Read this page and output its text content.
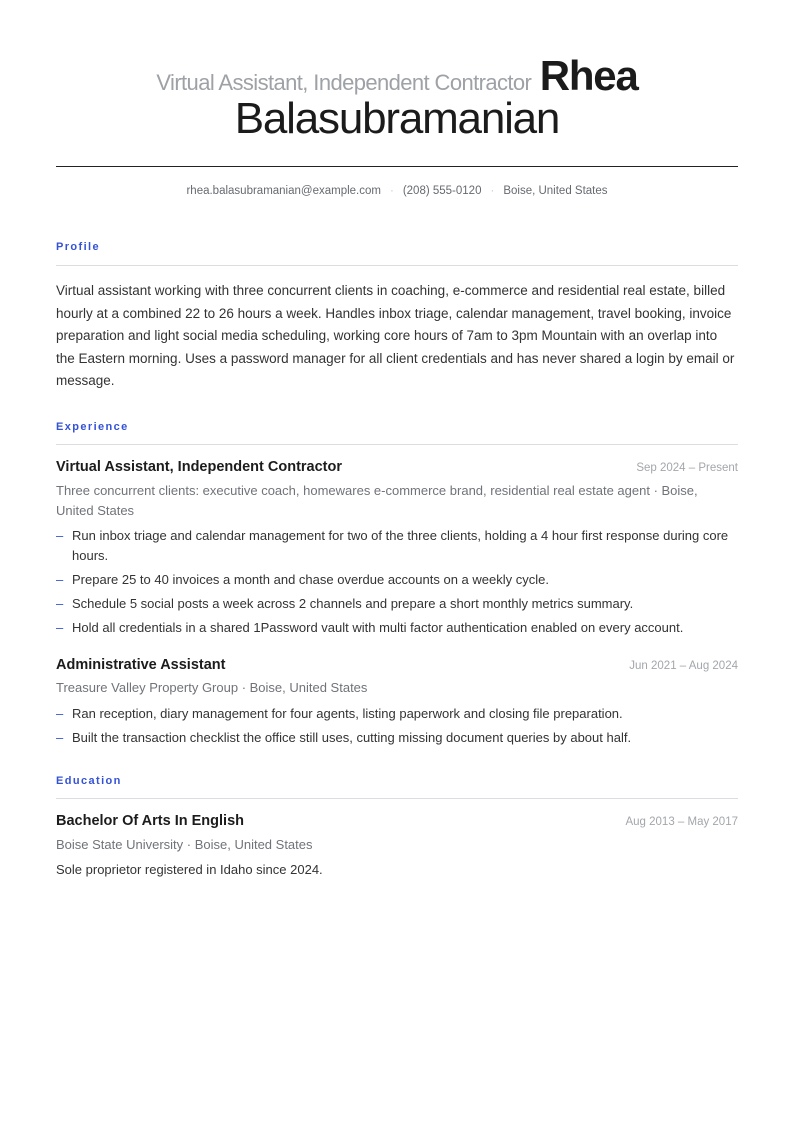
Virtual Assistant, Independent Contractor Rhea
Balasubramanian
rhea.balasubramanian@example.com · (208) 555-0120 · Boise, United States
Profile
Virtual assistant working with three concurrent clients in coaching, e-commerce and residential real estate, billed hourly at a combined 22 to 26 hours a week. Handles inbox triage, calendar management, travel booking, invoice preparation and light social media scheduling, working core hours of 7am to 3pm Mountain with an overlap into the Eastern morning. Uses a password manager for all client credentials and has never shared a login by email or message.
Experience
Virtual Assistant, Independent Contractor	Sep 2024 – Present
Three concurrent clients: executive coach, homewares e-commerce brand, residential real estate agent · Boise, United States
– Run inbox triage and calendar management for two of the three clients, holding a 4 hour first response during core hours.
– Prepare 25 to 40 invoices a month and chase overdue accounts on a weekly cycle.
– Schedule 5 social posts a week across 2 channels and prepare a short monthly metrics summary.
– Hold all credentials in a shared 1Password vault with multi factor authentication enabled on every account.
Administrative Assistant	Jun 2021 – Aug 2024
Treasure Valley Property Group · Boise, United States
– Ran reception, diary management for four agents, listing paperwork and closing file preparation.
– Built the transaction checklist the office still uses, cutting missing document queries by about half.
Education
Bachelor Of Arts In English	Aug 2013 – May 2017
Boise State University · Boise, United States
Sole proprietor registered in Idaho since 2024.
